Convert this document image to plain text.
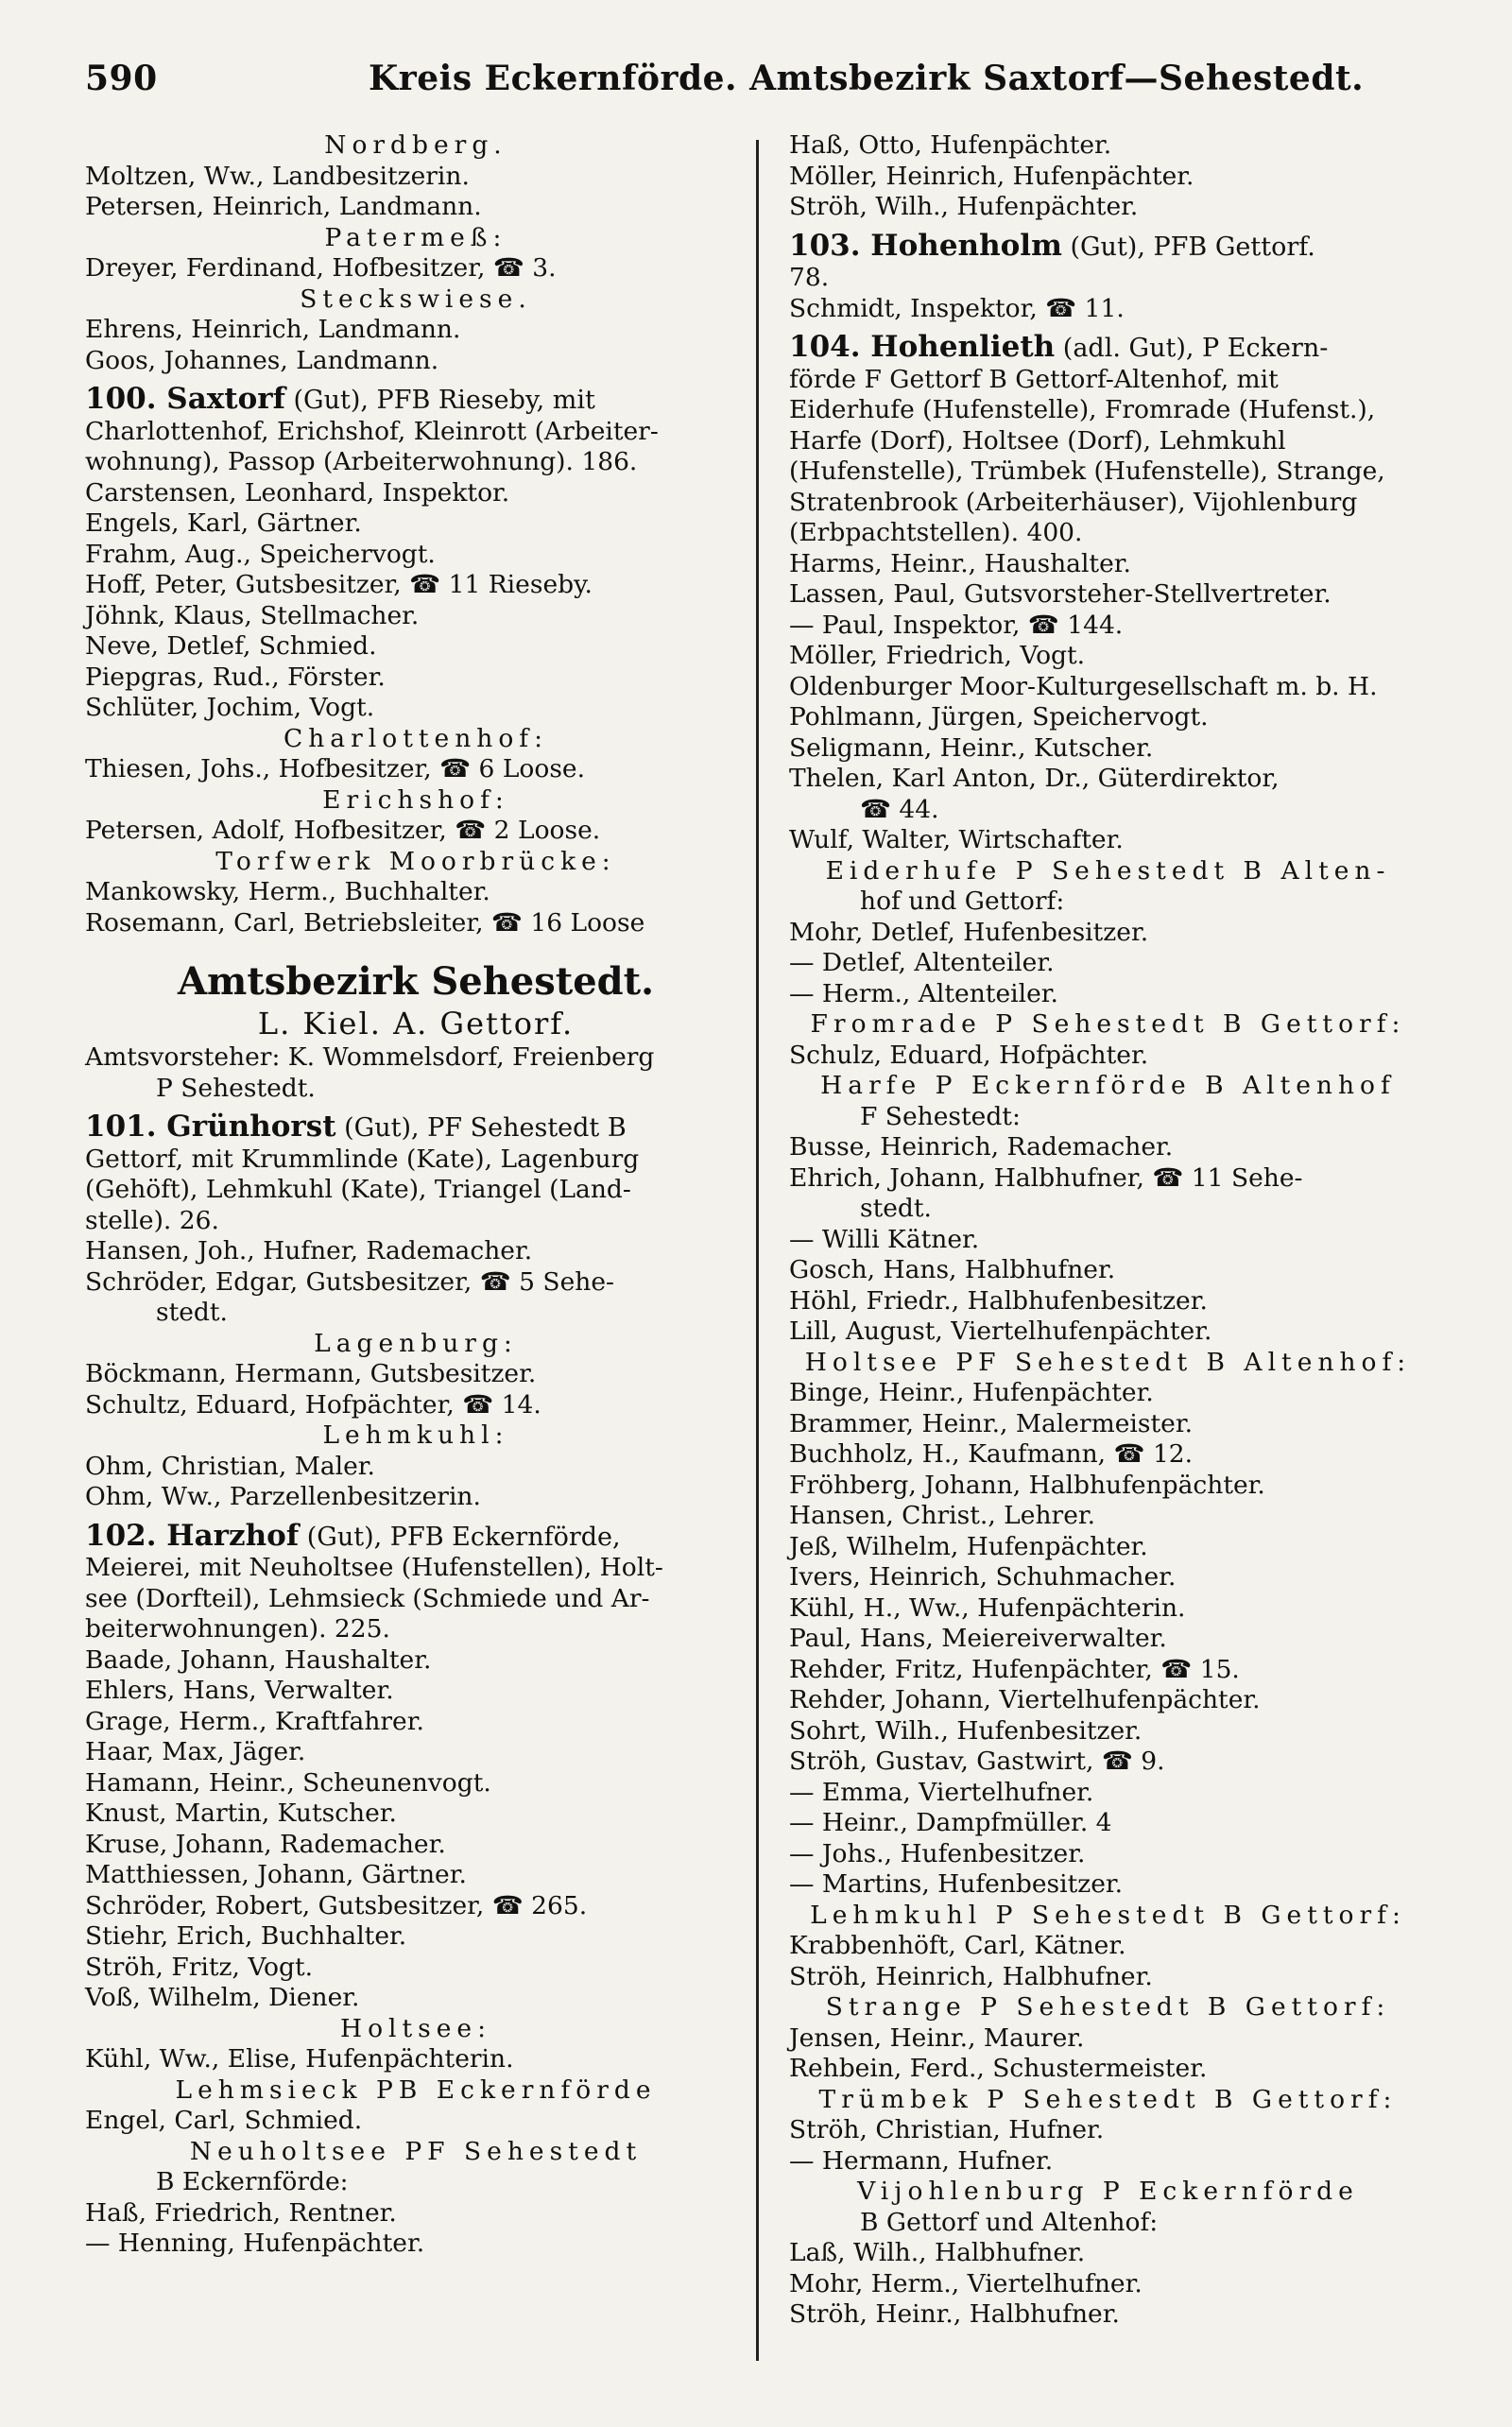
590	Kreis Eckernförde. Amtsbezirk Saxtorf—Sehestedt.
Nordberg.
Moltzen, Ww., Landbesitzerin.
Petersen, Heinrich, Landmann.
Patermeß:
Dreyer, Ferdinand, Hofbesitzer, ☎ 3.
Steckswiese.
Ehrens, Heinrich, Landmann.
Goos, Johannes, Landmann.
100. Saxtorf (Gut), PFB Rieseby, mit
Charlottenhof, Erichshof, Kleinrott (Arbeiter-
wohnung), Passop (Arbeiterwohnung). 186.
Carstensen, Leonhard, Inspektor.
Engels, Karl, Gärtner.
Frahm, Aug., Speichervogt.
Hoff, Peter, Gutsbesitzer, ☎ 11 Rieseby.
Jöhnk, Klaus, Stellmacher.
Neve, Detlef, Schmied.
Piepgras, Rud., Förster.
Schlüter, Jochim, Vogt.
Charlottenhof:
Thiesen, Johs., Hofbesitzer, ☎ 6 Loose.
Erichshof:
Petersen, Adolf, Hofbesitzer, ☎ 2 Loose.
Torfwerk Moorbrücke:
Mankowsky, Herm., Buchhalter.
Rosemann, Carl, Betriebsleiter, ☎ 16 Loose
Amtsbezirk Sehestedt.
L. Kiel. A. Gettorf.
Amtsvorsteher: K. Wommelsdorf, Freienberg
P Sehestedt.
101. Grünhorst (Gut), PF Sehestedt B
Gettorf, mit Krummlinde (Kate), Lagenburg
(Gehöft), Lehmkuhl (Kate), Triangel (Land-
stelle). 26.
Hansen, Joh., Hufner, Rademacher.
Schröder, Edgar, Gutsbesitzer, ☎ 5 Sehe-
stedt.
Lagenburg:
Böckmann, Hermann, Gutsbesitzer.
Schultz, Eduard, Hofpächter, ☎ 14.
Lehmkuhl:
Ohm, Christian, Maler.
Ohm, Ww., Parzellenbesitzerin.
102. Harzhof (Gut), PFB Eckernförde,
Meierei, mit Neuholtsee (Hufenstellen), Holt-
see (Dorfteil), Lehmsieck (Schmiede und Ar-
beiterwohnungen). 225.
Baade, Johann, Haushalter.
Ehlers, Hans, Verwalter.
Grage, Herm., Kraftfahrer.
Haar, Max, Jäger.
Hamann, Heinr., Scheunenvogt.
Knust, Martin, Kutscher.
Kruse, Johann, Rademacher.
Matthiessen, Johann, Gärtner.
Schröder, Robert, Gutsbesitzer, ☎ 265.
Stiehr, Erich, Buchhalter.
Ströh, Fritz, Vogt.
Voß, Wilhelm, Diener.
Holtsee:
Kühl, Ww., Elise, Hufenpächterin.
Lehmsieck PB Eckernförde
Engel, Carl, Schmied.
Neuholtsee PF Sehestedt
B Eckernförde:
Haß, Friedrich, Rentner.
— Henning, Hufenpächter.
Haß, Otto, Hufenpächter.
Möller, Heinrich, Hufenpächter.
Ströh, Wilh., Hufenpächter.
103. Hohenholm (Gut), PFB Gettorf.
78.
Schmidt, Inspektor, ☎ 11.
104. Hohenlieth (adl. Gut), P Eckern-
förde F Gettorf B Gettorf-Altenhof, mit
Eiderhufe (Hufenstelle), Fromrade (Hufenst.),
Harfe (Dorf), Holtsee (Dorf), Lehmkuhl
(Hufenstelle), Trümbek (Hufenstelle), Strange,
Stratenbrook (Arbeiterhäuser), Vijohlenburg
(Erbpachtstellen). 400.
Harms, Heinr., Haushalter.
Lassen, Paul, Gutsvorsteher-Stellvertreter.
— Paul, Inspektor, ☎ 144.
Möller, Friedrich, Vogt.
Oldenburger Moor-Kulturgesellschaft m. b. H.
Pohlmann, Jürgen, Speichervogt.
Seligmann, Heinr., Kutscher.
Thelen, Karl Anton, Dr., Güterdirektor,
☎ 44.
Wulf, Walter, Wirtschafter.
Eiderhufe P Sehestedt B Alten-
hof und Gettorf:
Mohr, Detlef, Hufenbesitzer.
— Detlef, Altenteiler.
— Herm., Altenteiler.
Fromrade P Sehestedt B Gettorf:
Schulz, Eduard, Hofpächter.
Harfe P Eckernförde B Altenhof
F Sehestedt:
Busse, Heinrich, Rademacher.
Ehrich, Johann, Halbhufner, ☎ 11 Sehe-
stedt.
— Willi Kätner.
Gosch, Hans, Halbhufner.
Höhl, Friedr., Halbhufenbesitzer.
Lill, August, Viertelhufenpächter.
Holtsee PF Sehestedt B Altenhof:
Binge, Heinr., Hufenpächter.
Brammer, Heinr., Malermeister.
Buchholz, H., Kaufmann, ☎ 12.
Fröhberg, Johann, Halbhufenpächter.
Hansen, Christ., Lehrer.
Jeß, Wilhelm, Hufenpächter.
Ivers, Heinrich, Schuhmacher.
Kühl, H., Ww., Hufenpächterin.
Paul, Hans, Meiereiverwalter.
Rehder, Fritz, Hufenpächter, ☎ 15.
Rehder, Johann, Viertelhufenpächter.
Sohrt, Wilh., Hufenbesitzer.
Ströh, Gustav, Gastwirt, ☎ 9.
— Emma, Viertelhufner.
— Heinr., Dampfmüller. 4
— Johs., Hufenbesitzer.
— Martins, Hufenbesitzer.
Lehmkuhl P Sehestedt B Gettorf:
Krabbenhöft, Carl, Kätner.
Ströh, Heinrich, Halbhufner.
Strange P Sehestedt B Gettorf:
Jensen, Heinr., Maurer.
Rehbein, Ferd., Schustermeister.
Trümbek P Sehestedt B Gettorf:
Ströh, Christian, Hufner.
— Hermann, Hufner.
Vijohlenburg P Eckernförde
B Gettorf und Altenhof:
Laß, Wilh., Halbhufner.
Mohr, Herm., Viertelhufner.
Ströh, Heinr., Halbhufner.
